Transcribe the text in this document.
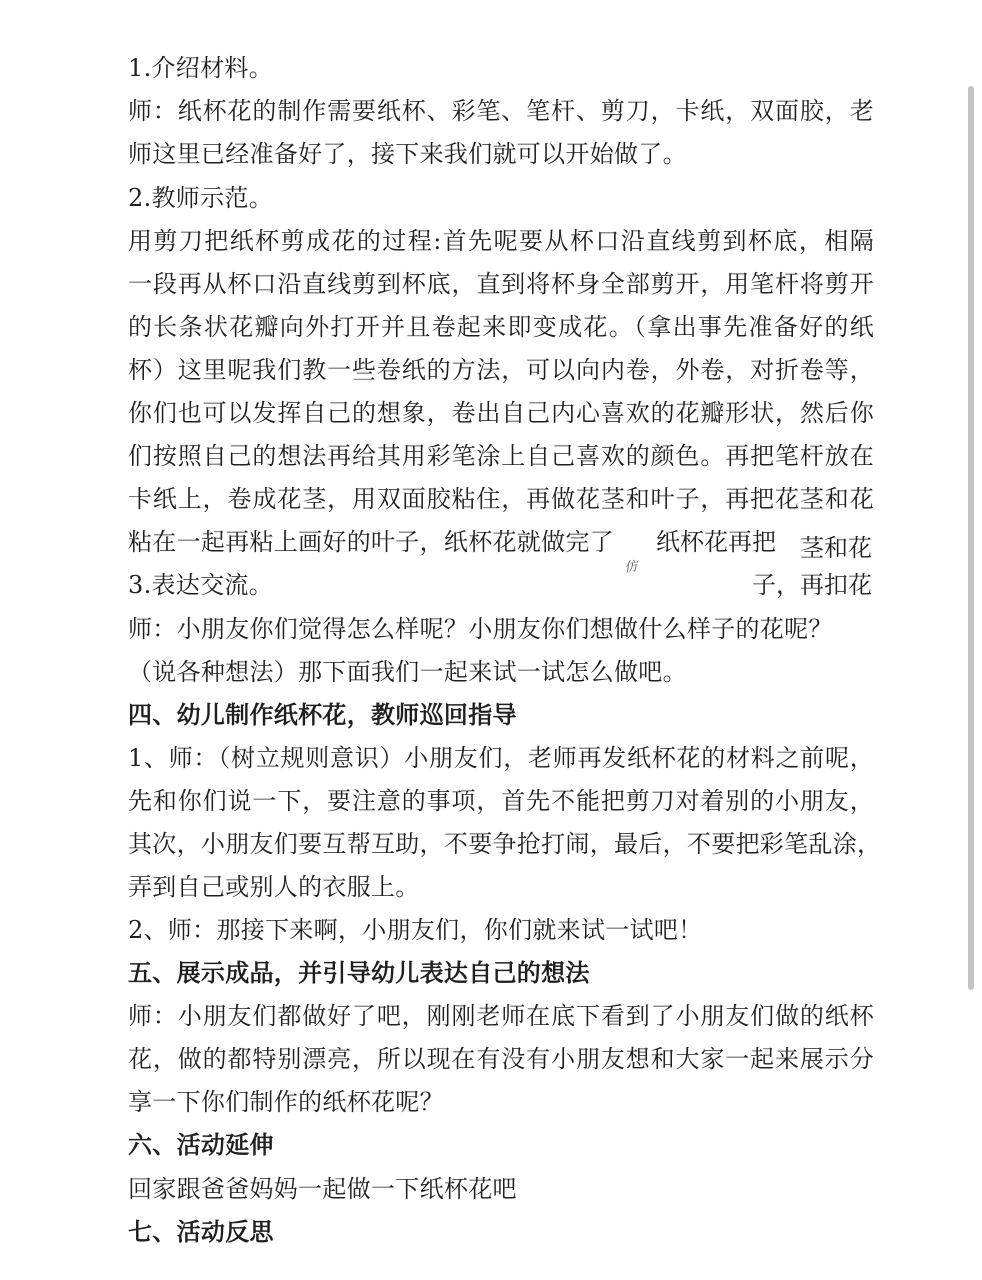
1.介绍材料。
师：纸杯花的制作需要纸杯、彩笔、笔杆、剪刀，卡纸，双面胶，老
师这里已经准备好了，接下来我们就可以开始做了。
2.教师示范。
用剪刀把纸杯剪成花的过程:首先呢要从杯口沿直线剪到杯底，相隔
一段再从杯口沿直线剪到杯底，直到将杯身全部剪开，用笔杆将剪开
的长条状花瓣向外打开并且卷起来即变成花。（拿出事先准备好的纸
杯）这里呢我们教一些卷纸的方法，可以向内卷，外卷，对折卷等，
你们也可以发挥自己的想象，卷出自己内心喜欢的花瓣形状，然后你
们按照自己的想法再给其用彩笔涂上自己喜欢的颜色。再把笔杆放在
卡纸上，卷成花茎，用双面胶粘住，再做花茎和叶子，再把花茎和花
粘在一起再粘上画好的叶子，纸杯花就做完了 纸杯花再把 茎和花
仿
3.表达交流。	子，再扣花
师：小朋友你们觉得怎么样呢？小朋友你们想做什么样子的花呢？
（说各种想法）那下面我们一起来试一试怎么做吧。
四、幼儿制作纸杯花，教师巡回指导
1、师：（树立规则意识）小朋友们，老师再发纸杯花的材料之前呢，
先和你们说一下，要注意的事项，首先不能把剪刀对着别的小朋友，
其次，小朋友们要互帮互助，不要争抢打闹，最后，不要把彩笔乱涂，
弄到自己或别人的衣服上。
2、师：那接下来啊，小朋友们，你们就来试一试吧！
五、展示成品，并引导幼儿表达自己的想法
师：小朋友们都做好了吧，刚刚老师在底下看到了小朋友们做的纸杯
花，做的都特别漂亮，所以现在有没有小朋友想和大家一起来展示分
享一下你们制作的纸杯花呢？
六、活动延伸
回家跟爸爸妈妈一起做一下纸杯花吧
七、活动反思
